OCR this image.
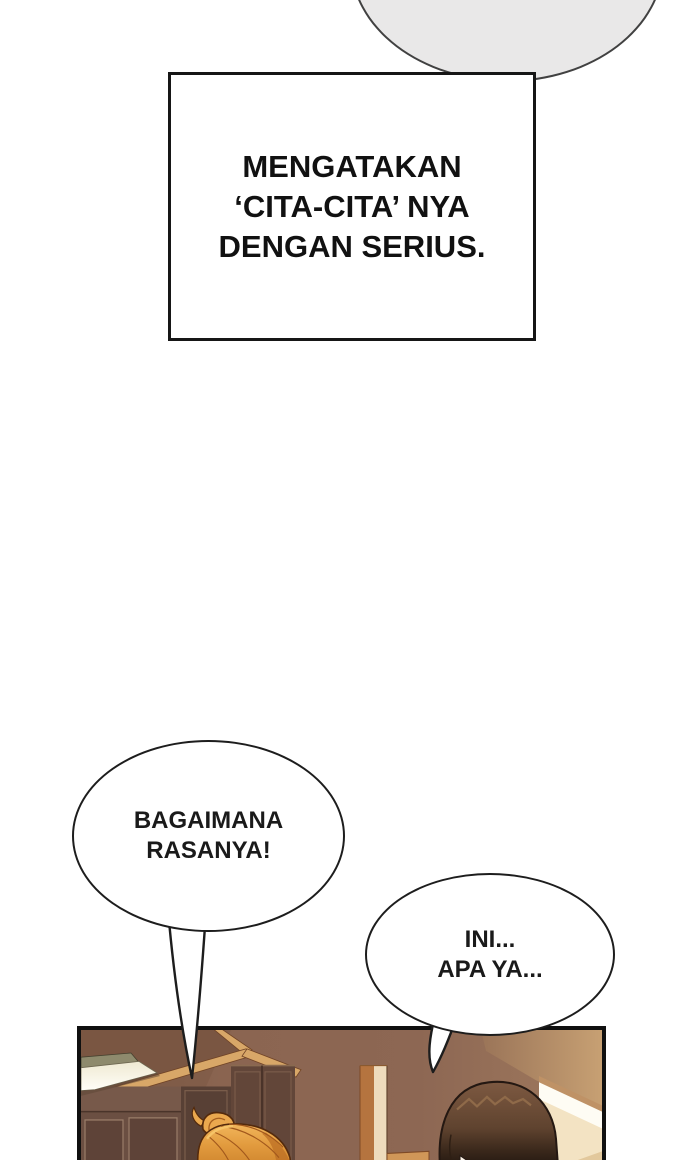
MENGATAKAN
‘CITA-CITA’ NYA
DENGAN SERIUS.
BAGAIMANA
RASANYA!
INI...
APA YA...
